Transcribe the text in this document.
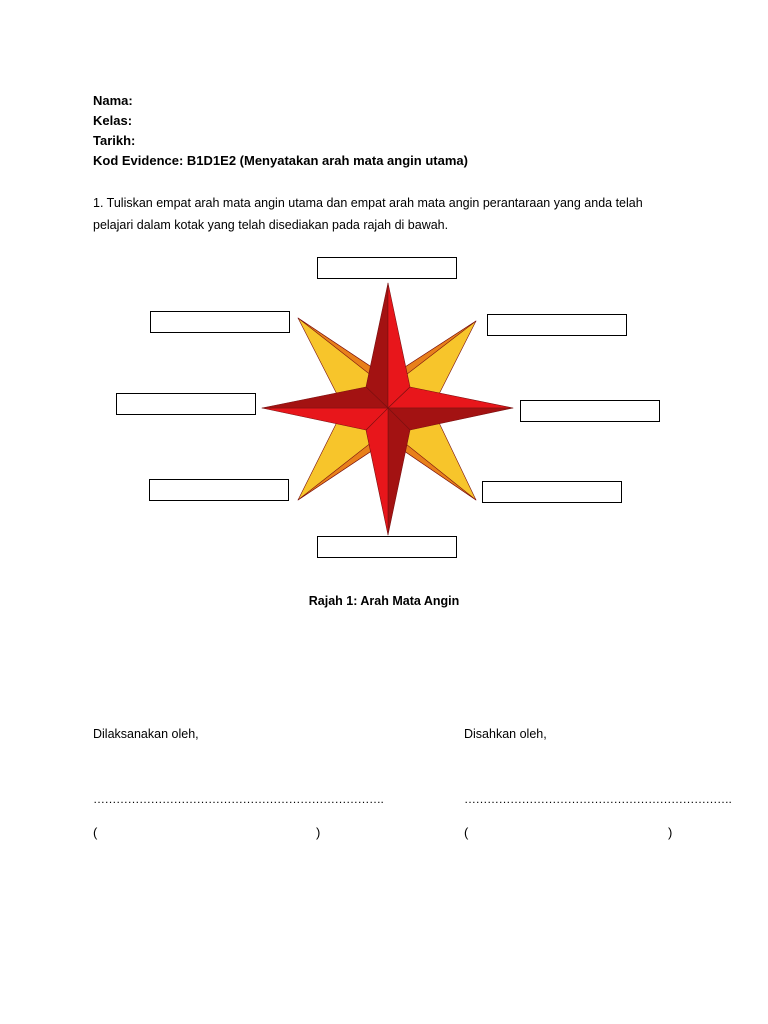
Nama:
Kelas:
Tarikh:
Kod Evidence: B1D1E2 (Menyatakan arah mata angin utama)
1. Tuliskan empat arah mata angin utama dan empat arah mata angin perantaraan yang anda telah
pelajari dalam kotak yang telah disediakan pada rajah di bawah.
Rajah 1: Arah Mata Angin
Dilaksanakan oleh,	Disahkan oleh,
………………………………………………………………….	…………………………………………………………….
(	)	(	)
